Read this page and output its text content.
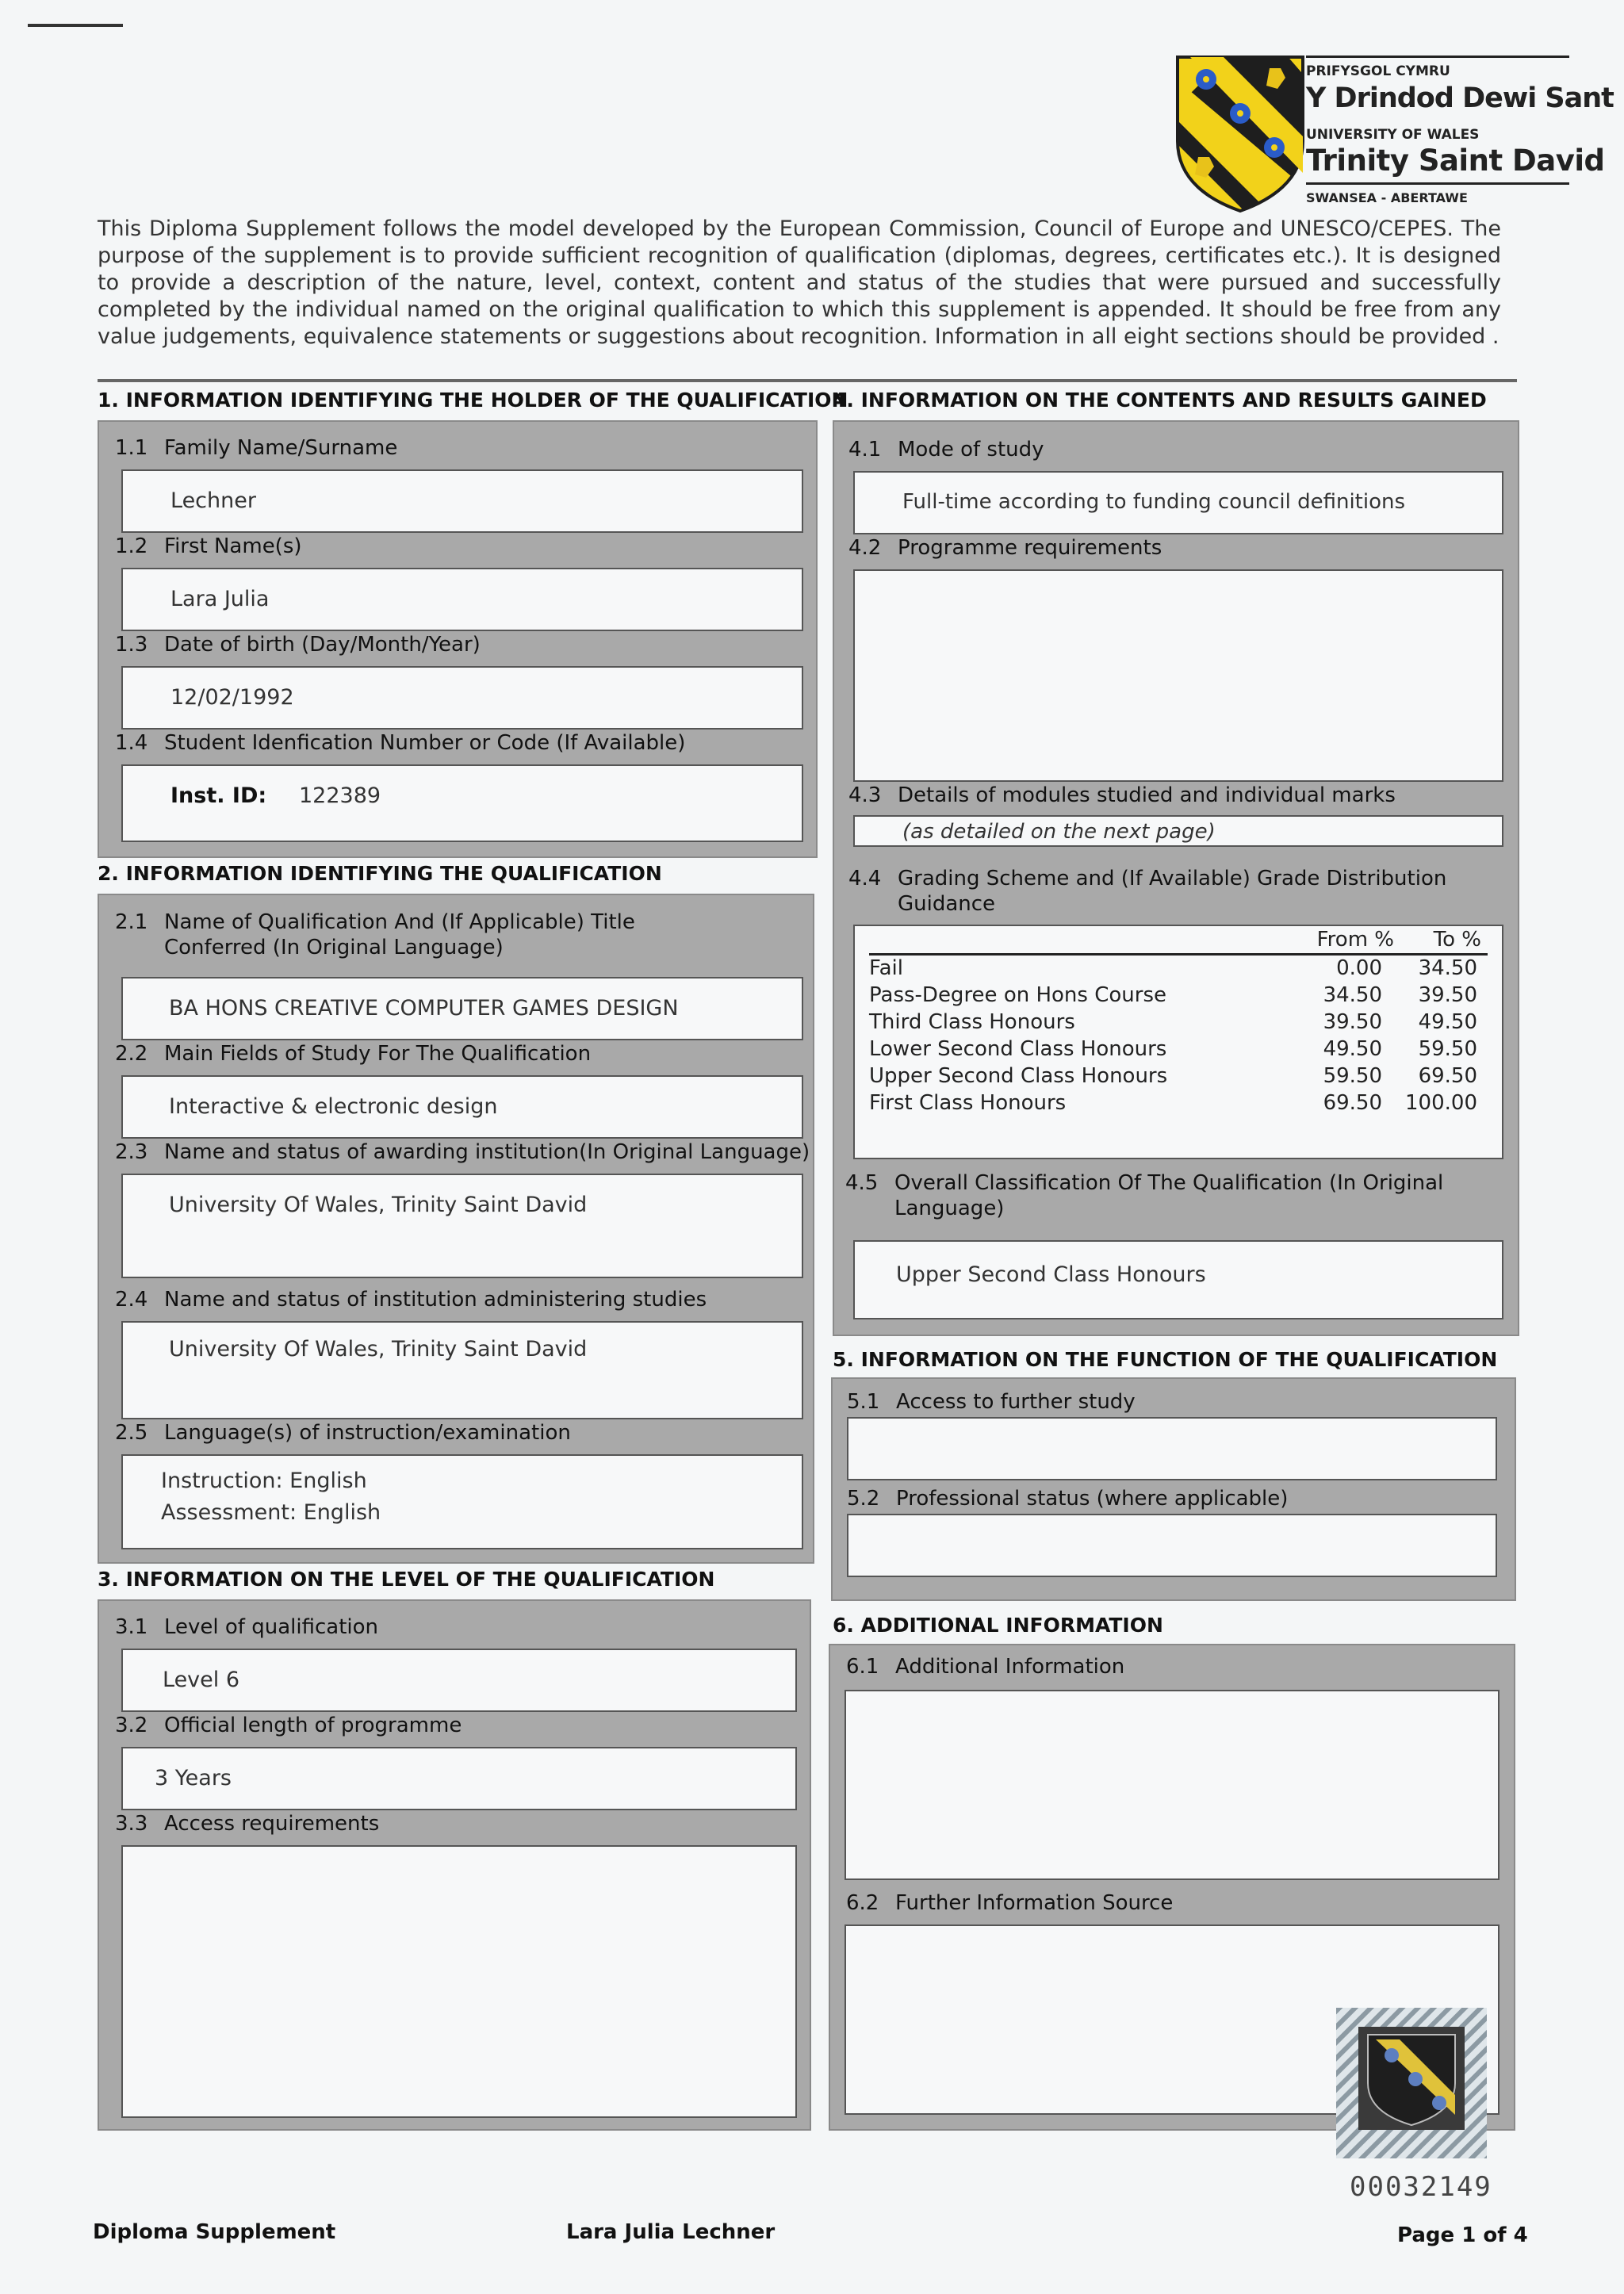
PRIFYSGOL CYMRU
Y Drindod Dewi Sant
UNIVERSITY OF WALES
Trinity Saint David
SWANSEA - ABERTAWE
This Diploma Supplement follows the model developed by the European Commission, Council of Europe and UNESCO/CEPES. The purpose of the supplement is to provide sufficient recognition of qualification (diplomas, degrees, certificates etc.). It is designed to provide a description of the nature, level, context, content and status of the studies that were pursued and successfully completed by the individual named on the original qualification to which this supplement is appended. It should be free from any value judgements, equivalence statements or suggestions about recognition. Information in all eight sections should be provided .
1. INFORMATION IDENTIFYING THE HOLDER OF THE QUALIFICATION
1.1 Family Name/Surname
Lechner
1.2 First Name(s)
Lara Julia
1.3 Date of birth (Day/Month/Year)
12/02/1992
1.4 Student Idenfication Number or Code (If Available)
Inst. ID: 122389
2. INFORMATION IDENTIFYING THE QUALIFICATION
2.1 Name of Qualification And (If Applicable) Title Conferred (In Original Language)
BA HONS CREATIVE COMPUTER GAMES DESIGN
2.2 Main Fields of Study For The Qualification
Interactive & electronic design
2.3 Name and status of awarding institution(In Original Language)
University Of Wales, Trinity Saint David
2.4 Name and status of institution administering studies
University Of Wales, Trinity Saint David
2.5 Language(s) of instruction/examination
Instruction: English
Assessment: English
3. INFORMATION ON THE LEVEL OF THE QUALIFICATION
3.1 Level of qualification
Level 6
3.2 Official length of programme
3 Years
3.3 Access requirements
4. INFORMATION ON THE CONTENTS AND RESULTS GAINED
4.1 Mode of study
Full-time according to funding council definitions
4.2 Programme requirements
4.3 Details of modules studied and individual marks
(as detailed on the next page)
4.4 Grading Scheme and (If Available) Grade Distribution Guidance
From %	To %
Fail	0.00	34.50
Pass-Degree on Hons Course	34.50	39.50
Third Class Honours	39.50	49.50
Lower Second Class Honours	49.50	59.50
Upper Second Class Honours	59.50	69.50
First Class Honours	69.50 100.00
4.5 Overall Classification Of The Qualification (In Original Language)
Upper Second Class Honours
5. INFORMATION ON THE FUNCTION OF THE QUALIFICATION
5.1 Access to further study
5.2 Professional status (where applicable)
6. ADDITIONAL INFORMATION
6.1 Additional Information
6.2 Further Information Source
00032149
Diploma Supplement	Lara Julia Lechner	Page 1 of 4
